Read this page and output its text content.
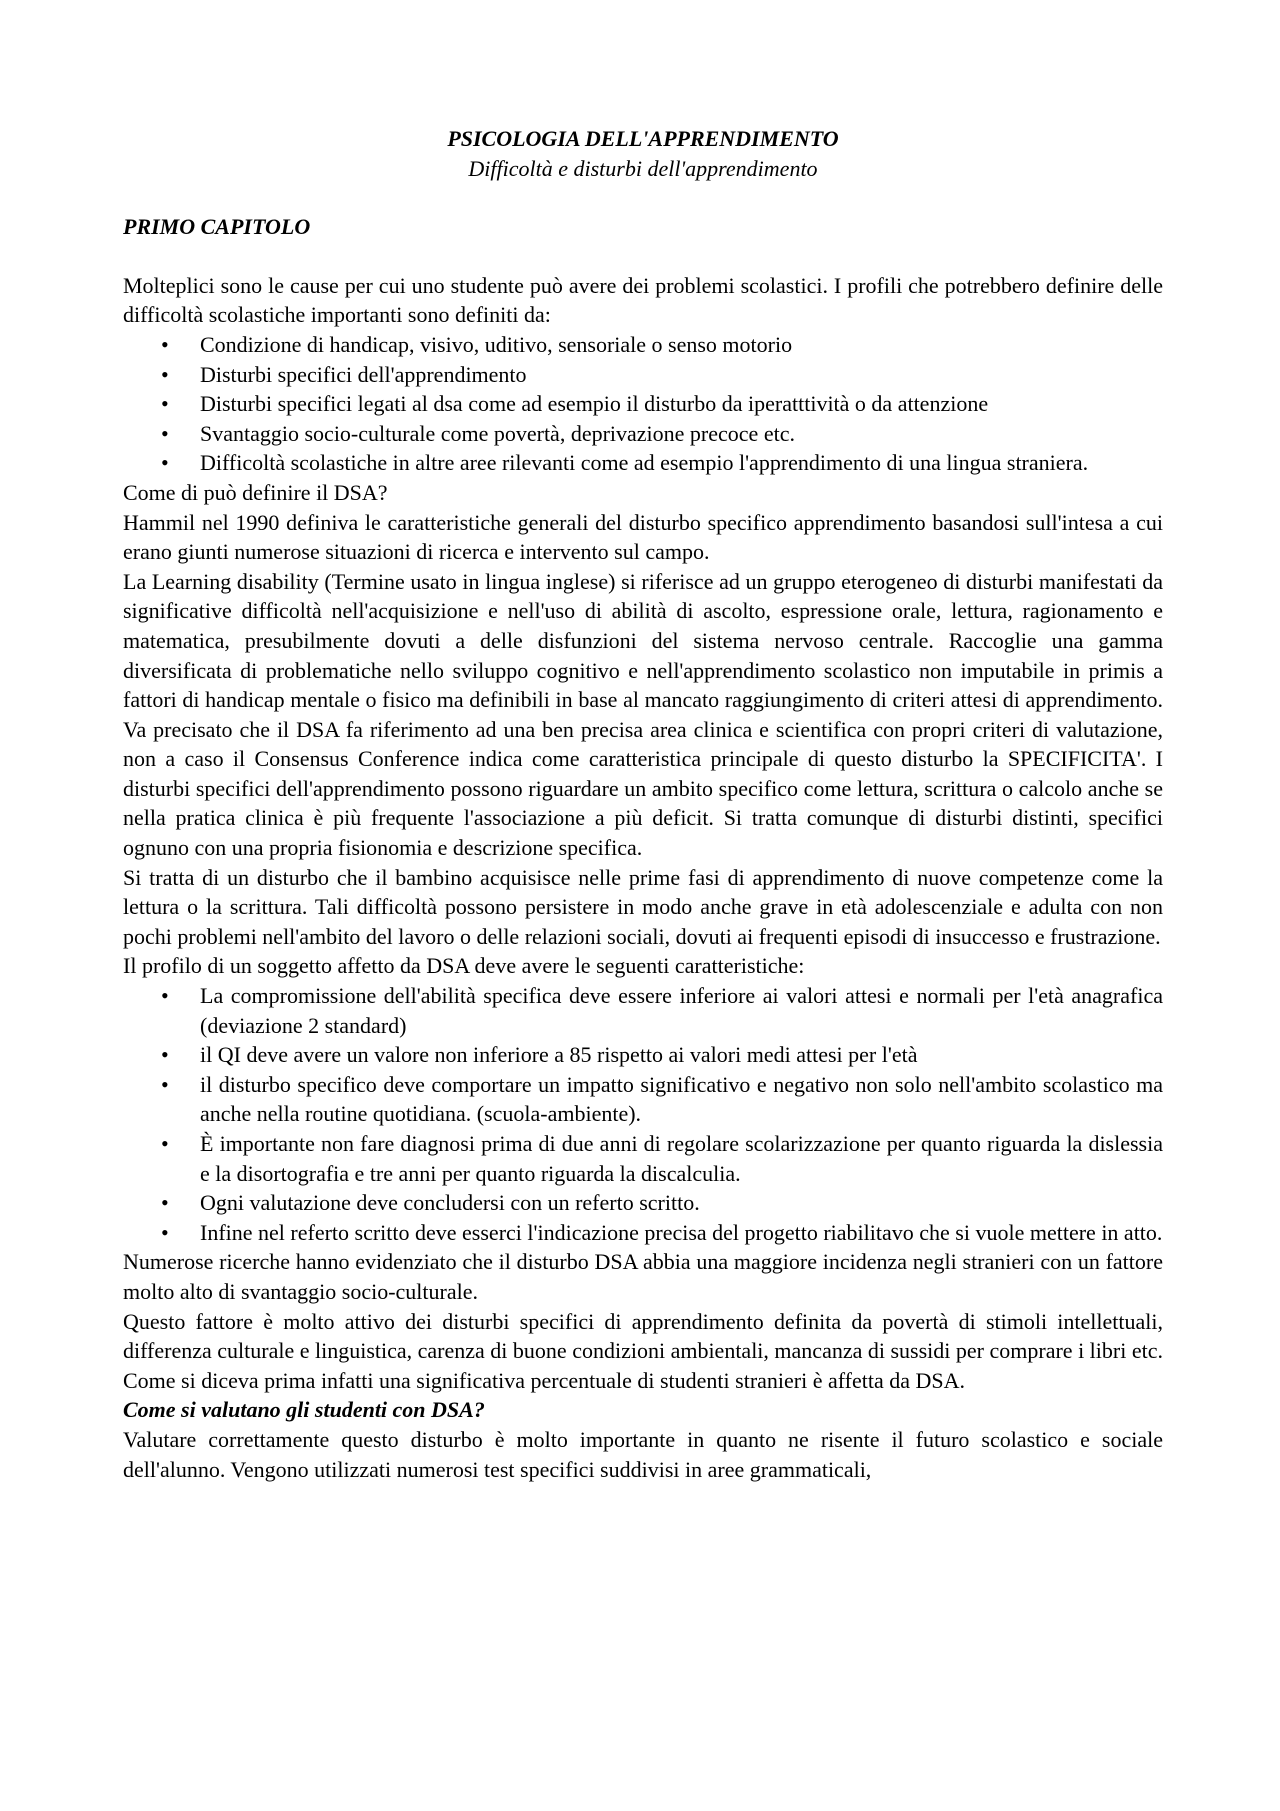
PSICOLOGIA DELL'APPRENDIMENTO
Difficoltà e disturbi dell'apprendimento
PRIMO CAPITOLO

Molteplici sono le cause per cui uno studente può avere dei problemi scolastici. I profili che potrebbero definire delle difficoltà scolastiche importanti sono definiti da:

• Condizione di handicap, visivo, uditivo, sensoriale o senso motorio
• Disturbi specifici dell'apprendimento
• Disturbi specifici legati al dsa come ad esempio il disturbo da iperatttività o da attenzione
• Svantaggio socio-culturale come povertà, deprivazione precoce etc.
• Difficoltà scolastiche in altre aree rilevanti come ad esempio l'apprendimento di una lingua straniera.

Come di può definire il DSA?

Hammil nel 1990 definiva le caratteristiche generali del disturbo specifico apprendimento basandosi sull'intesa a cui erano giunti numerose situazioni di ricerca e intervento sul campo.

La Learning disability (Termine usato in lingua inglese) si riferisce ad un gruppo eterogeneo di disturbi manifestati da significative difficoltà nell'acquisizione e nell'uso di abilità di ascolto, espressione orale, lettura, ragionamento e matematica, presubilmente dovuti a delle disfunzioni del sistema nervoso centrale. Raccoglie una gamma diversificata di problematiche nello sviluppo cognitivo e nell'apprendimento scolastico non imputabile in primis a fattori di handicap mentale o fisico ma definibili in base al mancato raggiungimento di criteri attesi di apprendimento. Va precisato che il DSA fa riferimento ad una ben precisa area clinica e scientifica con propri criteri di valutazione, non a caso il Consensus Conference indica come caratteristica principale di questo disturbo la SPECIFICITA'. I disturbi specifici dell'apprendimento possono riguardare un ambito specifico come lettura, scrittura o calcolo anche se nella pratica clinica è più frequente l'associazione a più deficit. Si tratta comunque di disturbi distinti, specifici ognuno con una propria fisionomia e descrizione specifica.

Si tratta di un disturbo che il bambino acquisisce nelle prime fasi di apprendimento di nuove competenze come la lettura o la scrittura. Tali difficoltà possono persistere in modo anche grave in età adolescenziale e adulta con non pochi problemi nell'ambito del lavoro o delle relazioni sociali, dovuti ai frequenti episodi di insuccesso e frustrazione.

Il profilo di un soggetto affetto da DSA deve avere le seguenti caratteristiche:

• La compromissione dell'abilità specifica deve essere inferiore ai valori attesi e normali per l'età anagrafica (deviazione 2 standard)
• il QI deve avere un valore non inferiore a 85 rispetto ai valori medi attesi per l'età
• il disturbo specifico deve comportare un impatto significativo e negativo non solo nell'ambito scolastico ma anche nella routine quotidiana. (scuola-ambiente).
• È importante non fare diagnosi prima di due anni di regolare scolarizzazione per quanto riguarda la dislessia e la disortografia e tre anni per quanto riguarda la discalculia.
• Ogni valutazione deve concludersi con un referto scritto.
• Infine nel referto scritto deve esserci l'indicazione precisa del progetto riabilitavo che si vuole mettere in atto.

Numerose ricerche hanno evidenziato che il disturbo DSA abbia una maggiore incidenza negli stranieri con un fattore molto alto di svantaggio socio-culturale.

Questo fattore è molto attivo dei disturbi specifici di apprendimento definita da povertà di stimoli intellettuali, differenza culturale e linguistica, carenza di buone condizioni ambientali, mancanza di sussidi per comprare i libri etc. Come si diceva prima infatti una significativa percentuale di studenti stranieri è affetta da DSA.

Come si valutano gli studenti con DSA?

Valutare correttamente questo disturbo è molto importante in quanto ne risente il futuro scolastico e sociale dell'alunno. Vengono utilizzati numerosi test specifici suddivisi in aree grammaticali,
